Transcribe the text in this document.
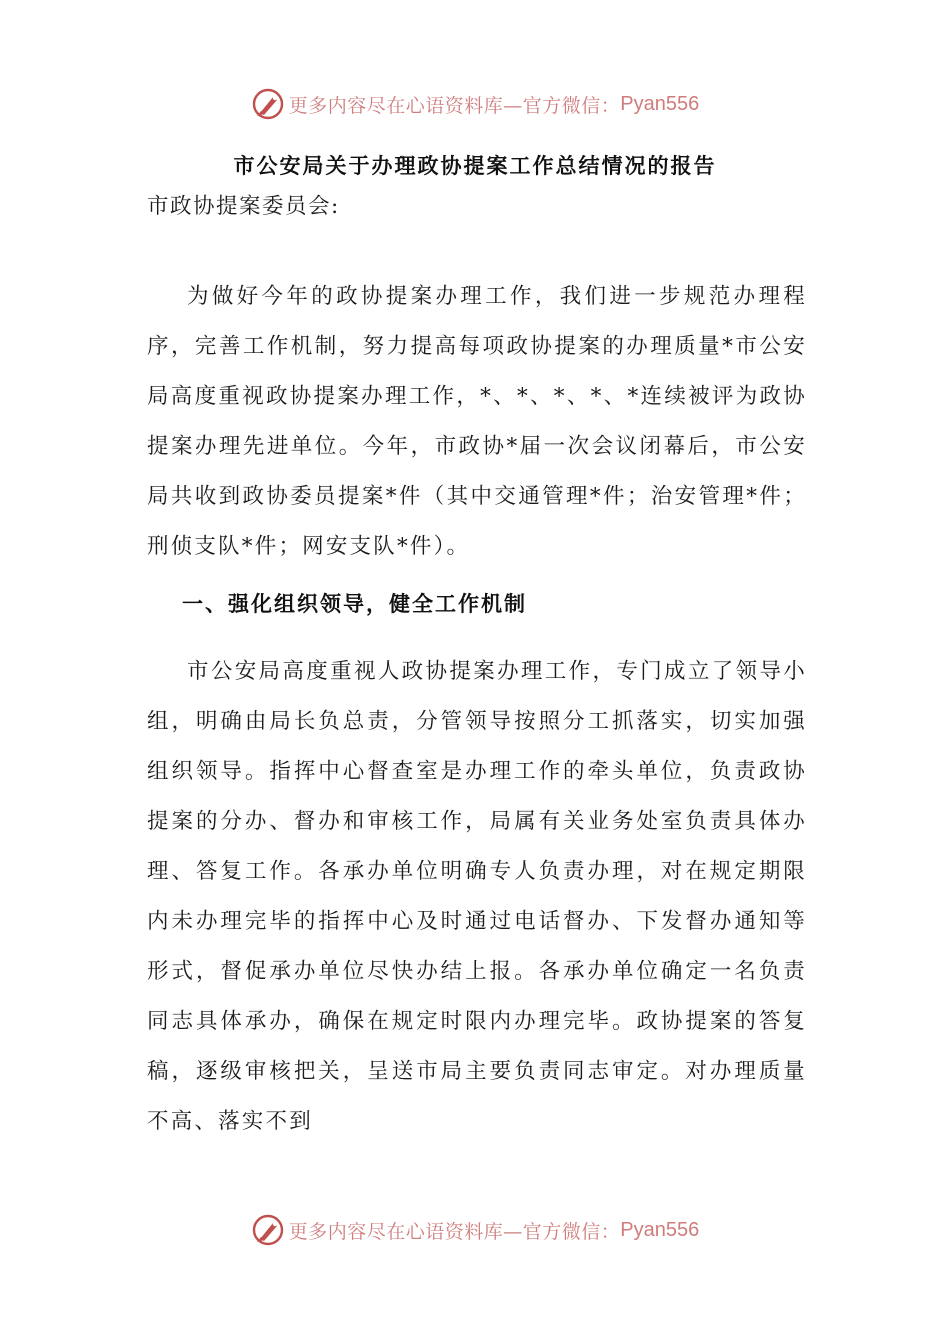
更多内容尽在心语资料库—官方微信： Pyan556
市公安局关于办理政协提案工作总结情况的报告
市政协提案委员会:

为做好今年的政协提案办理工作，我们进一步规范办理程序，完善工作机制，努力提高每项政协提案的办理质量*市公安局高度重视政协提案办理工作，*、*、*、*、*连续被评为政协提案办理先进单位。今年，市政协*届一次会议闭幕后，市公安局共收到政协委员提案*件（其中交通管理*件；治安管理*件；刑侦支队*件；网安支队*件）。

一、强化组织领导，健全工作机制

市公安局高度重视人政协提案办理工作，专门成立了领导小组，明确由局长负总责，分管领导按照分工抓落实，切实加强组织领导。指挥中心督查室是办理工作的牵头单位，负责政协提案的分办、督办和审核工作，局属有关业务处室负责具体办理、答复工作。各承办单位明确专人负责办理，对在规定期限内未办理完毕的指挥中心及时通过电话督办、下发督办通知等形式，督促承办单位尽快办结上报。各承办单位确定一名负责同志具体承办，确保在规定时限内办理完毕。政协提案的答复稿，逐级审核把关，呈送市局主要负责同志审定。对办理质量不高、落实不到

更多内容尽在心语资料库—官方微信： Pyan556
